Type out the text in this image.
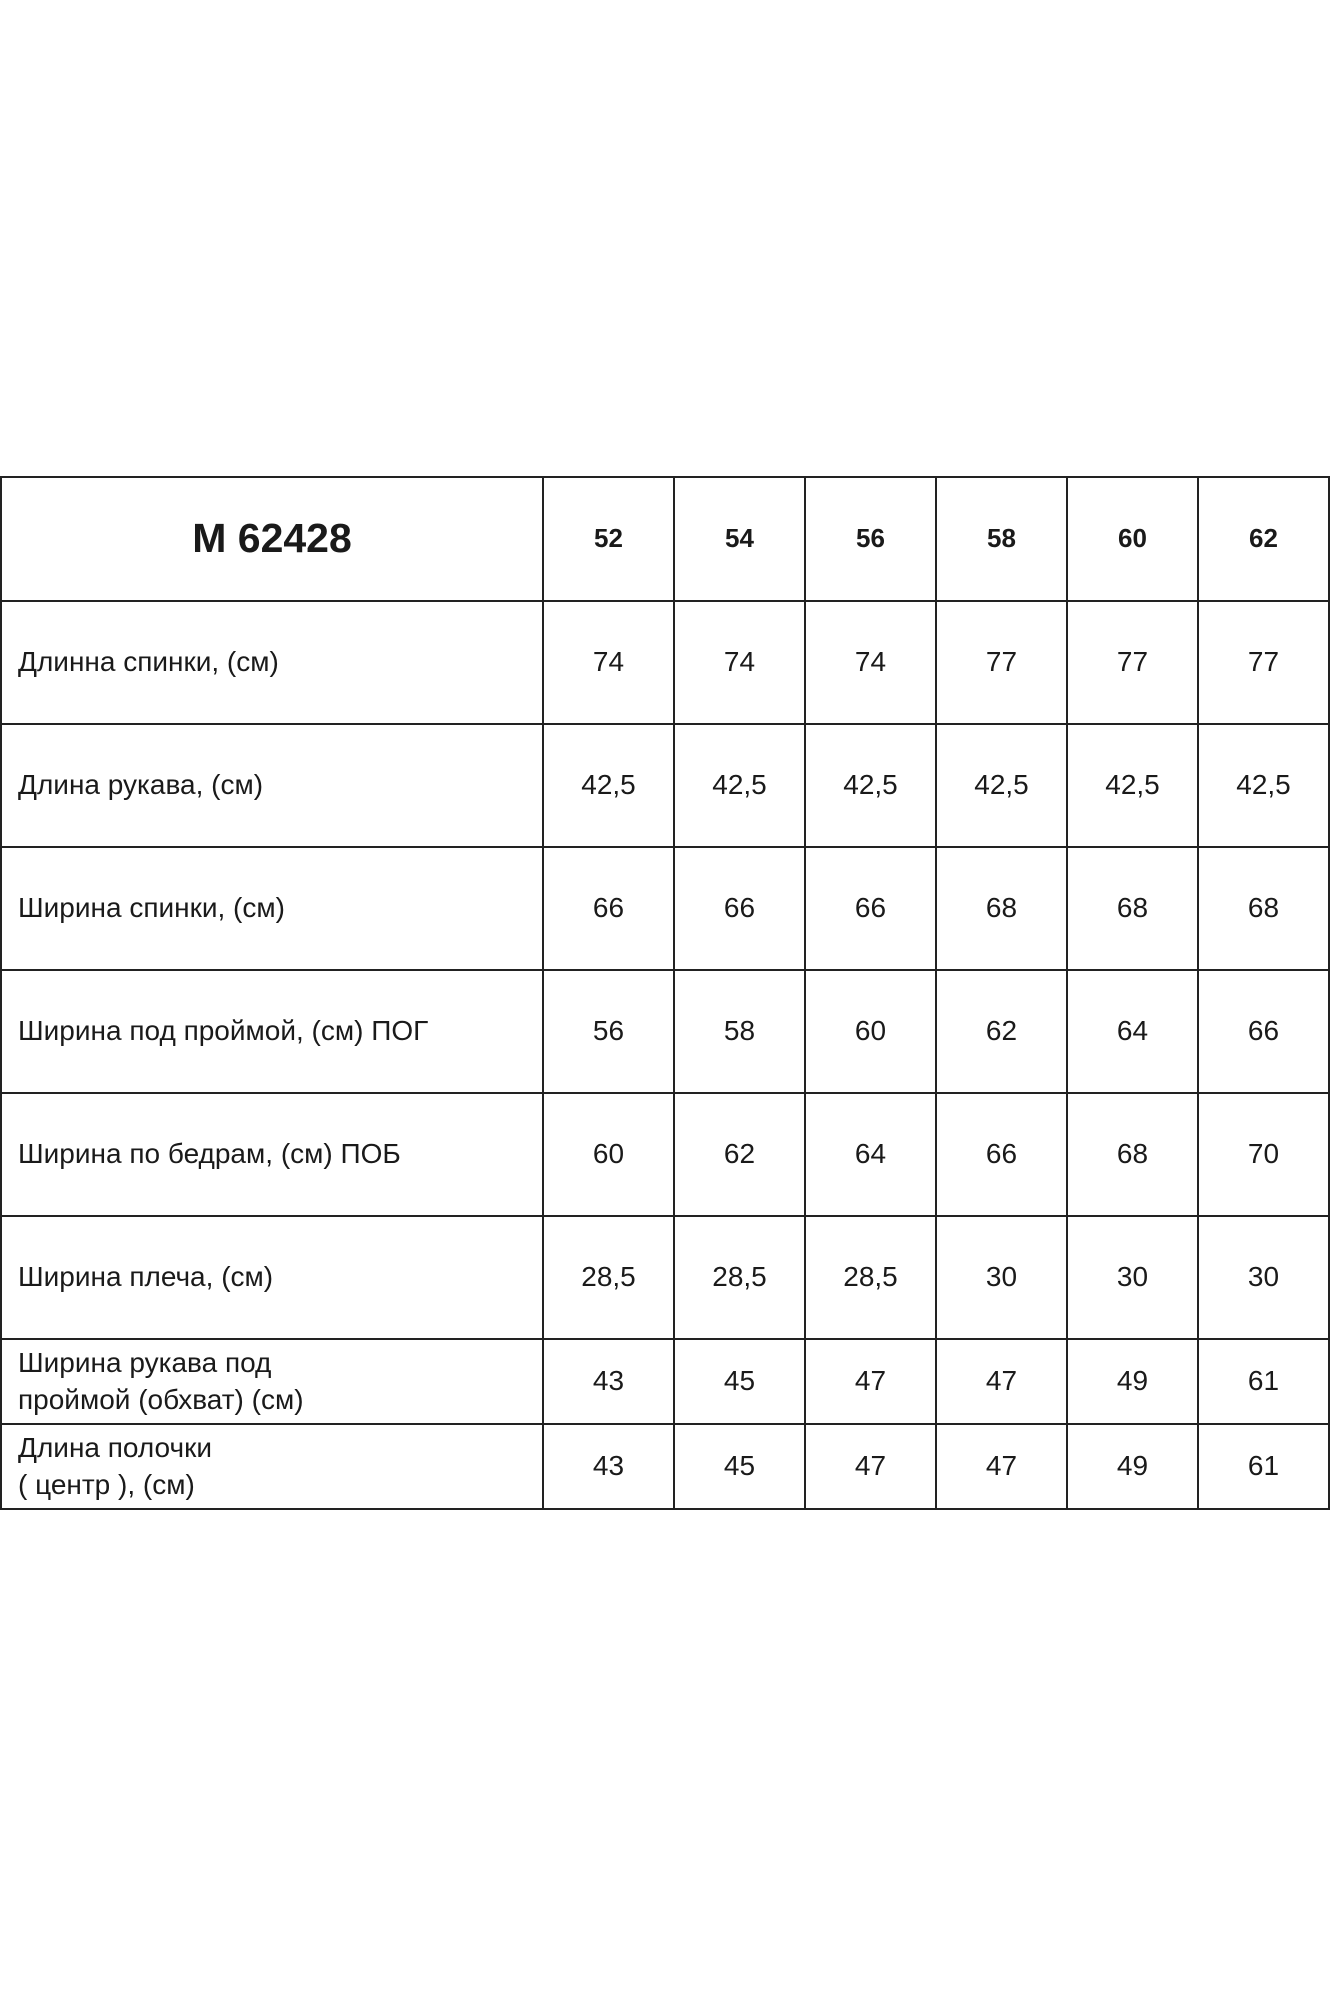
М 62428	52	54	56	58	60	62
Длинна спинки, (см)	74	74	74	77	77	77
Длина рукава, (см)	42,5	42,5	42,5	42,5	42,5	42,5
Ширина спинки, (см)	66	66	66	68	68	68
Ширина под проймой, (см) ПОГ	56	58	60	62	64	66
Ширина по бедрам, (см) ПОБ	60	62	64	66	68	70
Ширина плеча, (см)	28,5	28,5	28,5	30	30	30
Ширина рукава под
проймой (обхват) (см)	43	45	47	47	49	61
Длина полочки
( центр ), (см)	43	45	47	47	49	61
